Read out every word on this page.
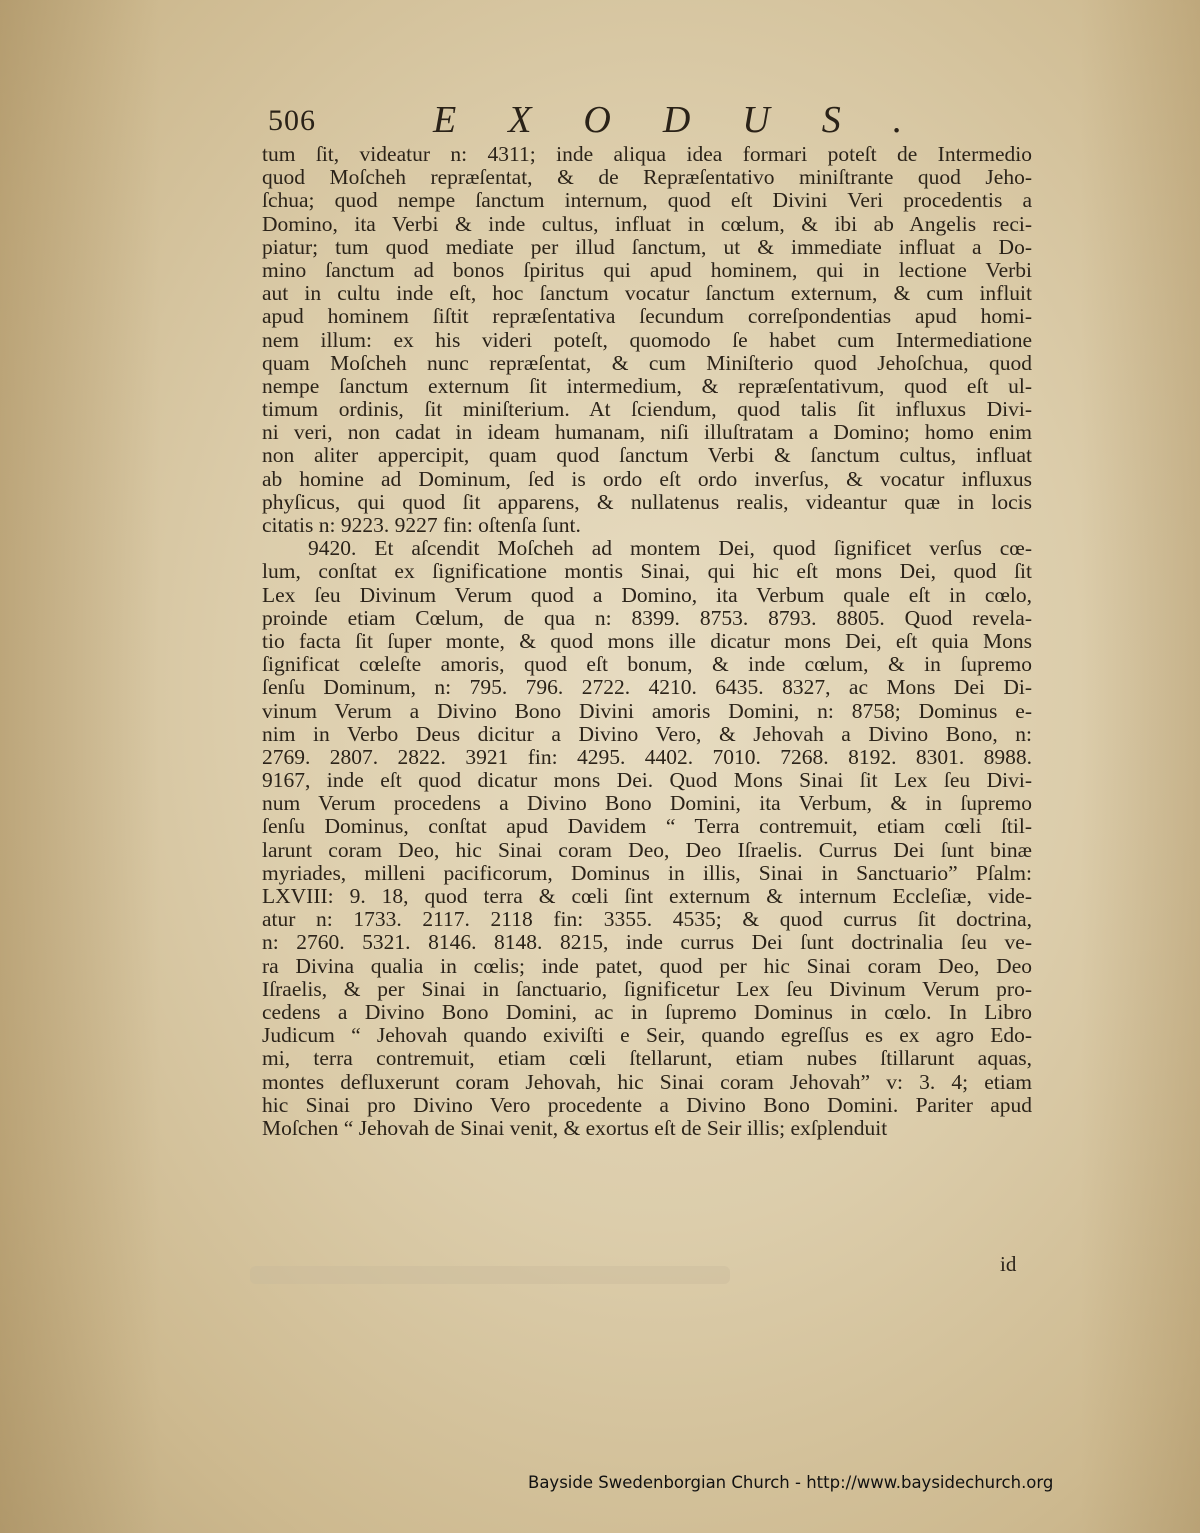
506	EXODUS.
tum ſit, videatur n: 4311; inde aliqua idea formari poteſt de Intermedio
quod Moſcheh repræſentat, & de Repræſentativo miniſtrante quod Jeho-
ſchua; quod nempe ſanctum internum, quod eſt Divini Veri procedentis a
Domino, ita Verbi & inde cultus, influat in cœlum, & ibi ab Angelis reci-
piatur; tum quod mediate per illud ſanctum, ut & immediate influat a Do-
mino ſanctum ad bonos ſpiritus qui apud hominem, qui in lectione Verbi
aut in cultu inde eſt, hoc ſanctum vocatur ſanctum externum, & cum influit
apud hominem ſiſtit repræſentativa ſecundum correſpondentias apud homi-
nem illum: ex his videri poteſt, quomodo ſe habet cum Intermediatione
quam Moſcheh nunc repræſentat, & cum Miniſterio quod Jehoſchua, quod
nempe ſanctum externum ſit intermedium, & repræſentativum, quod eſt ul-
timum ordinis, ſit miniſterium. At ſciendum, quod talis ſit influxus Divi-
ni veri, non cadat in ideam humanam, niſi illuſtratam a Domino; homo enim
non aliter appercipit, quam quod ſanctum Verbi & ſanctum cultus, influat
ab homine ad Dominum, ſed is ordo eſt ordo inverſus, & vocatur influxus
phyſicus, qui quod ſit apparens, & nullatenus realis, videantur quæ in locis
citatis n: 9223. 9227 fin: oſtenſa ſunt.
9420. Et aſcendit Moſcheh ad montem Dei, quod ſignificet verſus cœ-
lum, conſtat ex ſignificatione montis Sinai, qui hic eſt mons Dei, quod ſit
Lex ſeu Divinum Verum quod a Domino, ita Verbum quale eſt in cœlo,
proinde etiam Cœlum, de qua n: 8399. 8753. 8793. 8805. Quod revela-
tio facta ſit ſuper monte, & quod mons ille dicatur mons Dei, eſt quia Mons
ſignificat cœleſte amoris, quod eſt bonum, & inde cœlum, & in ſupremo
ſenſu Dominum, n: 795. 796. 2722. 4210. 6435. 8327, ac Mons Dei Di-
vinum Verum a Divino Bono Divini amoris Domini, n: 8758; Dominus e-
nim in Verbo Deus dicitur a Divino Vero, & Jehovah a Divino Bono, n:
2769. 2807. 2822. 3921 fin: 4295. 4402. 7010. 7268. 8192. 8301. 8988.
9167, inde eſt quod dicatur mons Dei. Quod Mons Sinai ſit Lex ſeu Divi-
num Verum procedens a Divino Bono Domini, ita Verbum, & in ſupremo
ſenſu Dominus, conſtat apud Davidem “ Terra contremuit, etiam cœli ſtil-
larunt coram Deo, hic Sinai coram Deo, Deo Iſraelis. Currus Dei ſunt binæ
myriades, milleni pacificorum, Dominus in illis, Sinai in Sanctuario” Pſalm:
LXVIII: 9. 18, quod terra & cœli ſint externum & internum Eccleſiæ, vide-
atur n: 1733. 2117. 2118 fin: 3355. 4535; & quod currus ſit doctrina,
n: 2760. 5321. 8146. 8148. 8215, inde currus Dei ſunt doctrinalia ſeu ve-
ra Divina qualia in cœlis; inde patet, quod per hic Sinai coram Deo, Deo
Iſraelis, & per Sinai in ſanctuario, ſignificetur Lex ſeu Divinum Verum pro-
cedens a Divino Bono Domini, ac in ſupremo Dominus in cœlo. In Libro
Judicum “ Jehovah quando exiviſti e Seir, quando egreſſus es ex agro Edo-
mi, terra contremuit, etiam cœli ſtellarunt, etiam nubes ſtillarunt aquas,
montes defluxerunt coram Jehovah, hic Sinai coram Jehovah” v: 3. 4; etiam
hic Sinai pro Divino Vero procedente a Divino Bono Domini. Pariter apud
Moſchen “ Jehovah de Sinai venit, & exortus eſt de Seir illis; exſplenduit
id
Bayside Swedenborgian Church - http://www.baysidechurch.org
